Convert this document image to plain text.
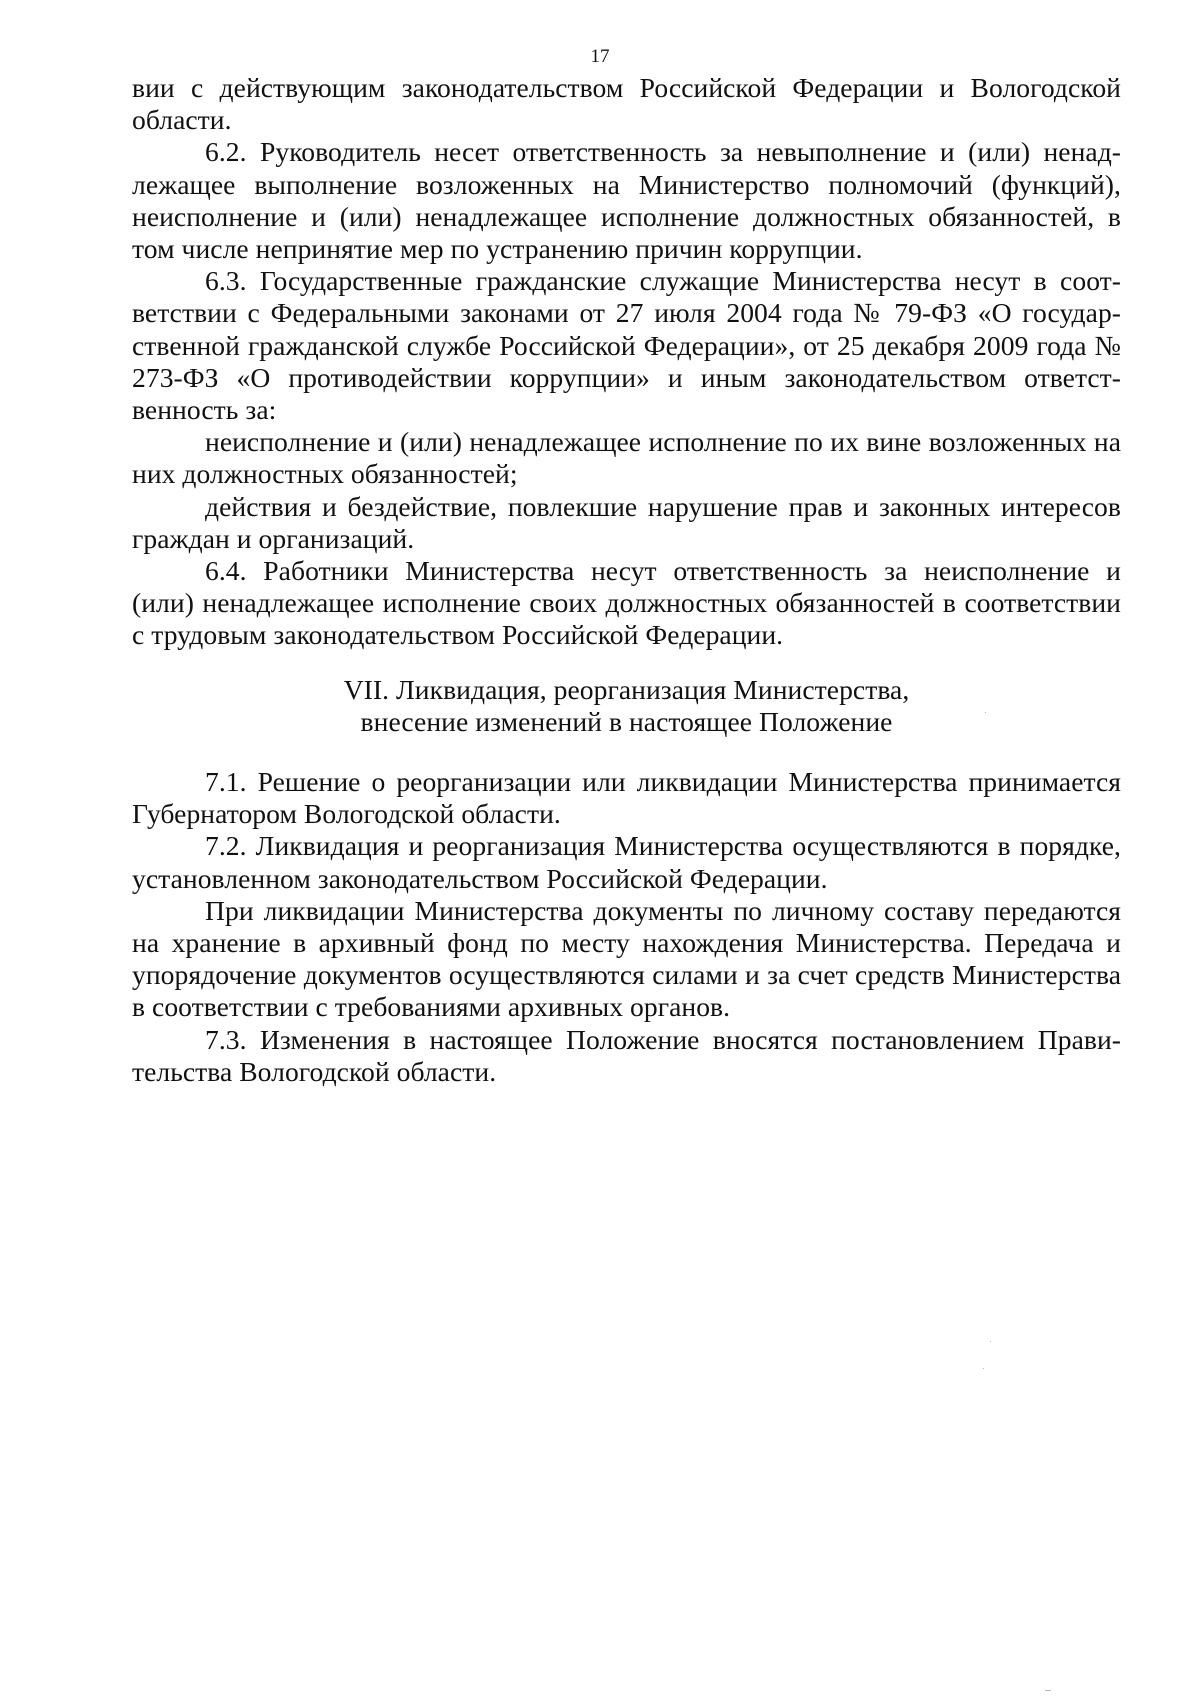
17

вии с действующим законодательством Российской Федерации и Вологодской области.

6.2. Руководитель несет ответственность за невыполнение и (или) ненадлежащее выполнение возложенных на Министерство полномочий (функций), неисполнение и (или) ненадлежащее исполнение должностных обязанностей, в том числе непринятие мер по устранению причин коррупции.

6.3. Государственные гражданские служащие Министерства несут в соответствии с Федеральными законами от 27 июля 2004 года № 79-ФЗ «О государственной гражданской службе Российской Федерации», от 25 декабря 2009 года № 273-ФЗ «О противодействии коррупции» и иным законодательством ответственность за:

неисполнение и (или) ненадлежащее исполнение по их вине возложенных на них должностных обязанностей;

действия и бездействие, повлекшие нарушение прав и законных интересов граждан и организаций.

6.4. Работники Министерства несут ответственность за неисполнение и (или) ненадлежащее исполнение своих должностных обязанностей в соответствии с трудовым законодательством Российской Федерации.

VII. Ликвидация, реорганизация Министерства,
внесение изменений в настоящее Положение

7.1. Решение о реорганизации или ликвидации Министерства принимается Губернатором Вологодской области.

7.2. Ликвидация и реорганизация Министерства осуществляются в порядке, установленном законодательством Российской Федерации.

При ликвидации Министерства документы по личному составу передаются на хранение в архивный фонд по месту нахождения Министерства. Передача и упорядочение документов осуществляются силами и за счет средств Министерства в соответствии с требованиями архивных органов.

7.3. Изменения в настоящее Положение вносятся постановлением Правительства Вологодской области.
